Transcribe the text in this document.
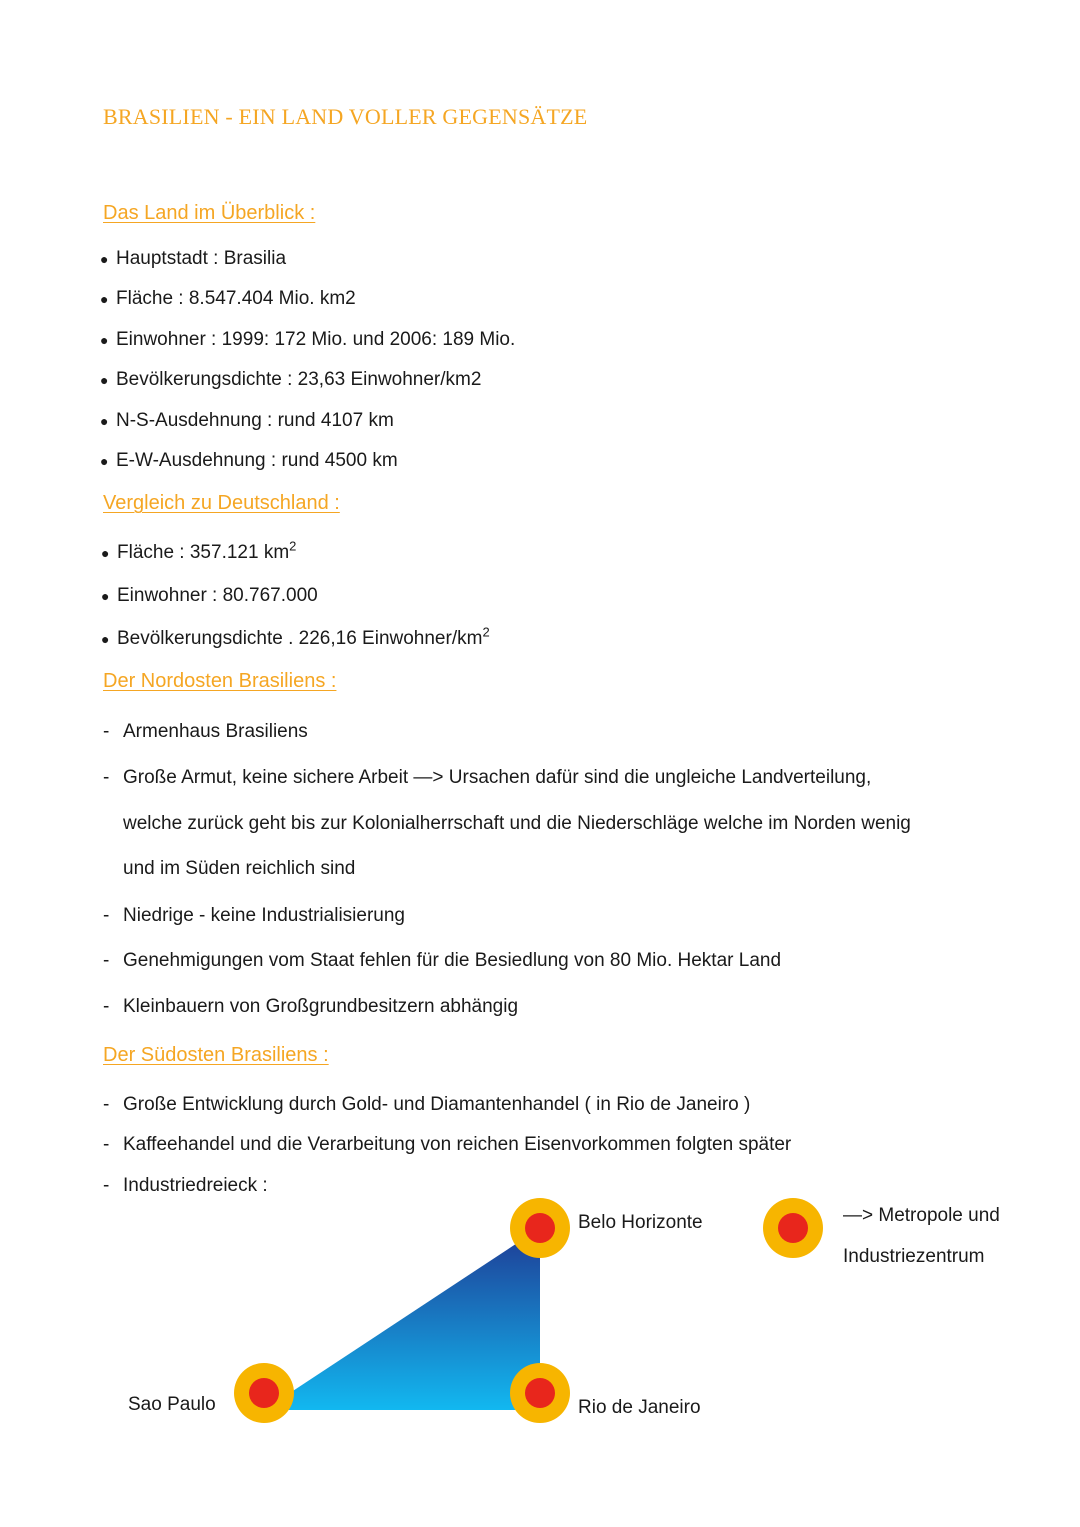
BRASILIEN - EIN LAND VOLLER GEGENSÄTZE
Das Land im Überblick :
● Hauptstadt : Brasilia
● Fläche : 8.547.404 Mio. km2
● Einwohner : 1999: 172 Mio. und 2006: 189 Mio.
● Bevölkerungsdichte : 23,63 Einwohner/km2
● N-S-Ausdehnung : rund 4107 km
● E-W-Ausdehnung : rund 4500 km
Vergleich zu Deutschland :
● Fläche : 357.121 $km^2$
● Einwohner : 80.767.000
● Bevölkerungsdichte . 226,16 Einwohner/$km^2$
Der Nordosten Brasiliens :
- Armenhaus Brasiliens
- Große Armut, keine sichere Arbeit —> Ursachen dafür sind die ungleiche Landverteilung,
welche zurück geht bis zur Kolonialherrschaft und die Niederschläge welche im Norden wenig
und im Süden reichlich sind
- Niedrige - keine Industrialisierung
- Genehmigungen vom Staat fehlen für die Besiedlung von 80 Mio. Hektar Land
- Kleinbauern von Großgrundbesitzern abhängig
Der Südosten Brasiliens :
- Große Entwicklung durch Gold- und Diamantenhandel ( in Rio de Janeiro )
- Kaffeehandel und die Verarbeitung von reichen Eisenvorkommen folgten später
- Industriedreieck :
Belo Horizonte
Rio de Janeiro
Sao Paulo
—> Metropole und
Industriezentrum
